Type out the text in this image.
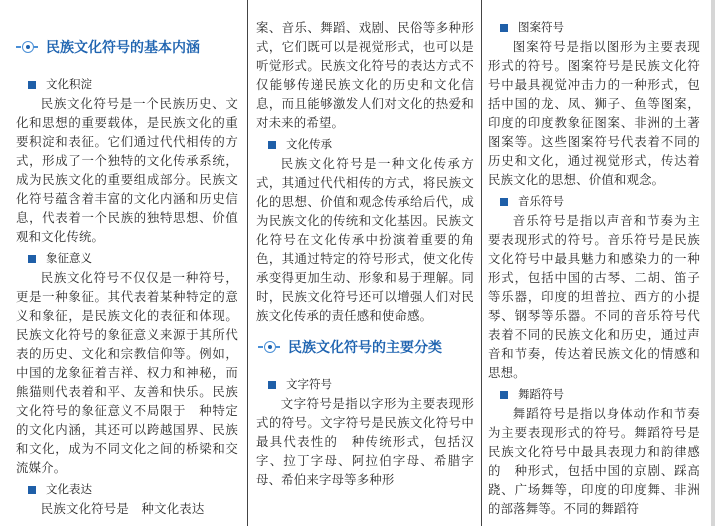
民族文化符号的基本内涵
文化积淀

民族文化符号是一个民族历史、文化和思想的重要载体，是民族文化的重要积淀和表征。它们通过代代相传的方式，形成了一个独特的文化传承系统，成为民族文化的重要组成部分。民族文化符号蕴含着丰富的文化内涵和历史信息，代表着一个民族的独特思想、价值观和文化传统。

象征意义

民族文化符号不仅仅是一种符号，更是一种象征。其代表着某种特定的意义和象征，是民族文化的表征和体现。民族文化符号的象征意义来源于其所代表的历史、文化和宗教信仰等。例如，中国的龙象征着吉祥、权力和神秘，而熊猫则代表着和平、友善和快乐。民族文化符号的象征意义不局限于　种特定的文化内涵，其还可以跨越国界、民族和文化，成为不同文化之间的桥梁和交流媒介。

文化表达

民族文化符号是　种文化表达

案、音乐、舞蹈、戏剧、民俗等多种形式，它们既可以是视觉形式，也可以是听觉形式。民族文化符号的表达方式不仅能够传递民族文化的历史和文化信息，而且能够激发人们对文化的热爱和对未来的希望。

文化传承

民族文化符号是一种文化传承方式，其通过代代相传的方式，将民族文化的思想、价值和观念传承给后代，成为民族文化的传统和文化基因。民族文化符号在文化传承中扮演着重要的角色，其通过特定的符号形式，使文化传承变得更加生动、形象和易于理解。同时，民族文化符号还可以增强人们对民族文化传承的责任感和使命感。

民族文化符号的主要分类
文字符号

文字符号是指以字形为主要表现形式的符号。文字符号是民族文化符号中最具代表性的　种传统形式，包括汉字、拉丁字母、阿拉伯字母、希腊字母、希伯来字母等多种形

图案符号

图案符号是指以图形为主要表现形式的符号。图案符号是民族文化符号中最具视觉冲击力的一种形式，包括中国的龙、凤、狮子、鱼等图案，印度的印度教象征图案、非洲的土著图案等。这些图案符号代表着不同的历史和文化，通过视觉形式，传达着民族文化的思想、价值和观念。

音乐符号

音乐符号是指以声音和节奏为主要表现形式的符号。音乐符号是民族文化符号中最具魅力和感染力的一种形式，包括中国的古琴、二胡、笛子等乐器，印度的坦普拉、西方的小提琴、钢琴等乐器。不同的音乐符号代表着不同的民族文化和历史，通过声音和节奏，传达着民族文化的情感和思想。

舞蹈符号

舞蹈符号是指以身体动作和节奏为主要表现形式的符号。舞蹈符号是民族文化符号中最具表现力和韵律感的　种形式，包括中国的京剧、踩高跷、广场舞等，印度的印度舞、非洲的部落舞等。不同的舞蹈符
